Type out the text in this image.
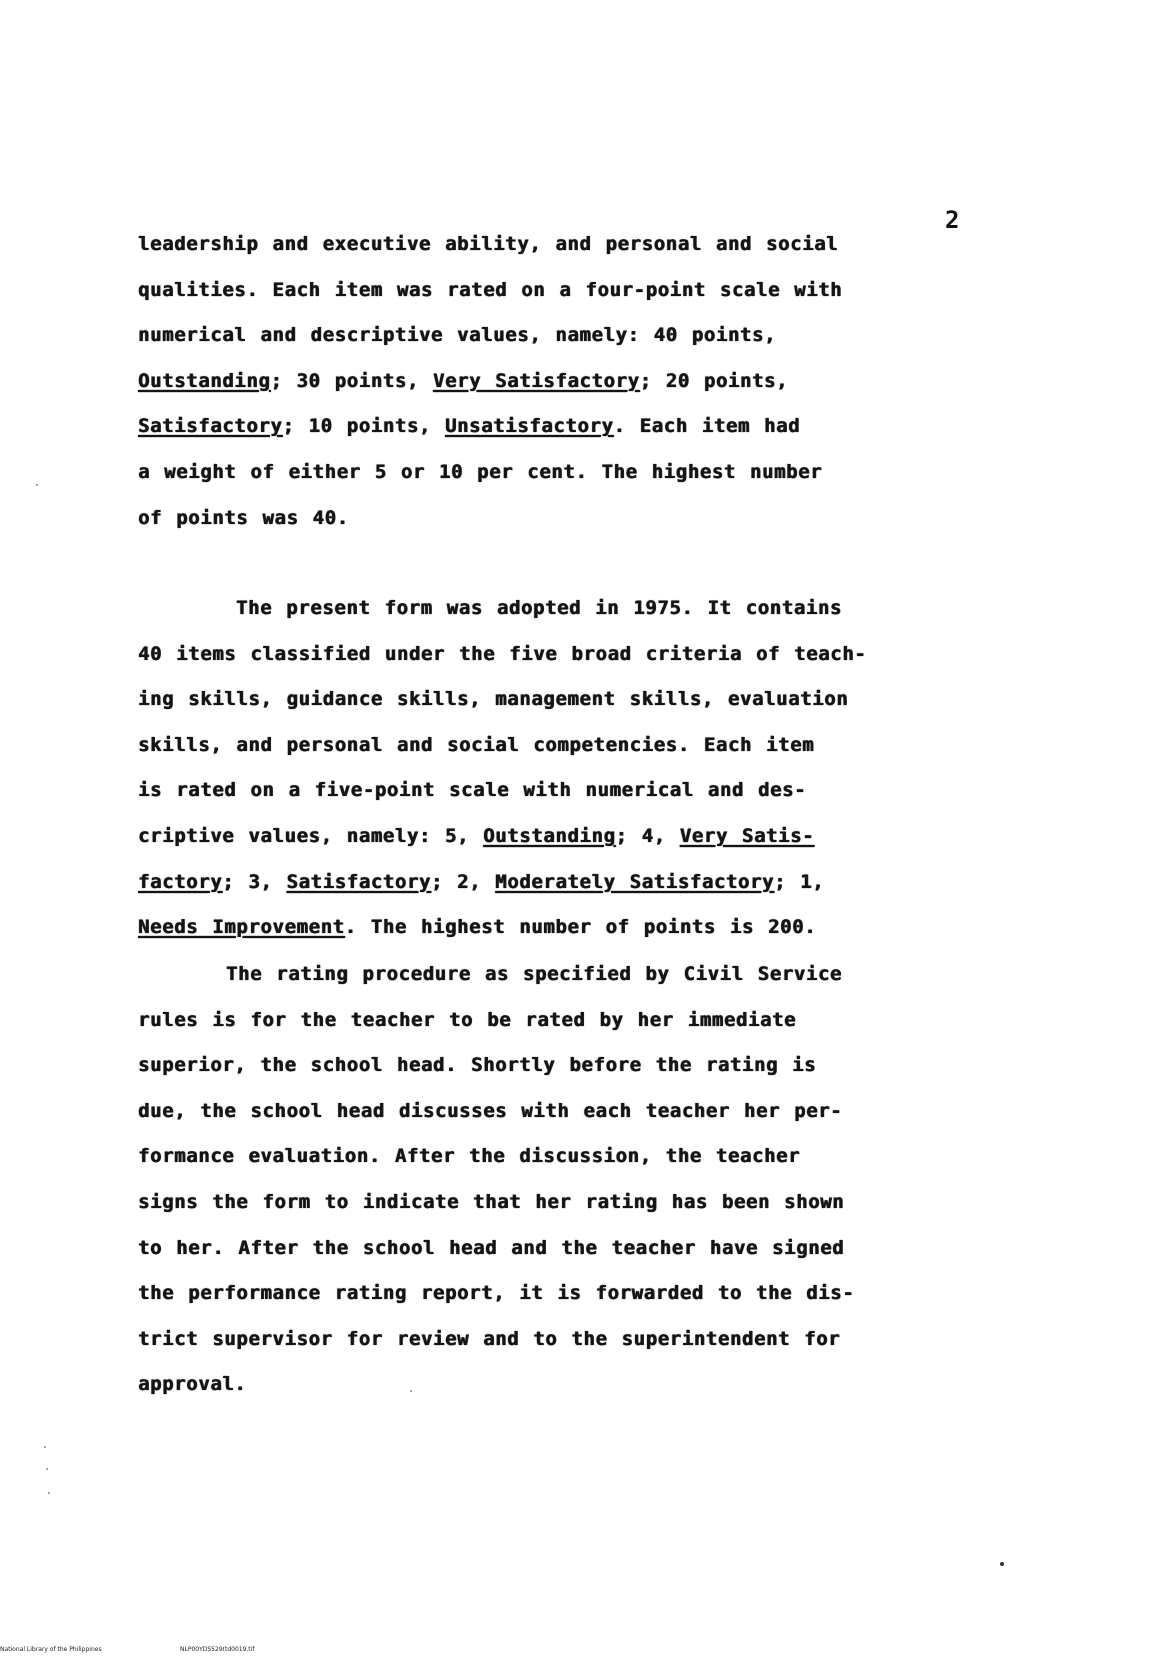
2
leadership and executive ability, and personal and social
qualities. Each item was rated on a four-point scale with
numerical and descriptive values, namely: 40 points,
Outstanding; 30 points, Very Satisfactory; 20 points,
Satisfactory; 10 points, Unsatisfactory. Each item had
a weight of either 5 or 10 per cent. The highest number
of points was 40.
The present form was adopted in 1975. It contains
40 items classified under the five broad criteria of teach-
ing skills, guidance skills, management skills, evaluation
skills, and personal and social competencies. Each item
is rated on a five-point scale with numerical and des-
criptive values, namely: 5, Outstanding; 4, Very Satis-
factory; 3, Satisfactory; 2, Moderately Satisfactory; 1,
Needs Improvement. The highest number of points is 200.
The rating procedure as specified by Civil Service
rules is for the teacher to be rated by her immediate
superior, the school head. Shortly before the rating is
due, the school head discusses with each teacher her per-
formance evaluation. After the discussion, the teacher
signs the form to indicate that her rating has been shown
to her. After the school head and the teacher have signed
the performance rating report, it is forwarded to the dis-
trict supervisor for review and to the superintendent for
approval.
National Library of the Philippines	NLP00YDS529(td0019.tif
